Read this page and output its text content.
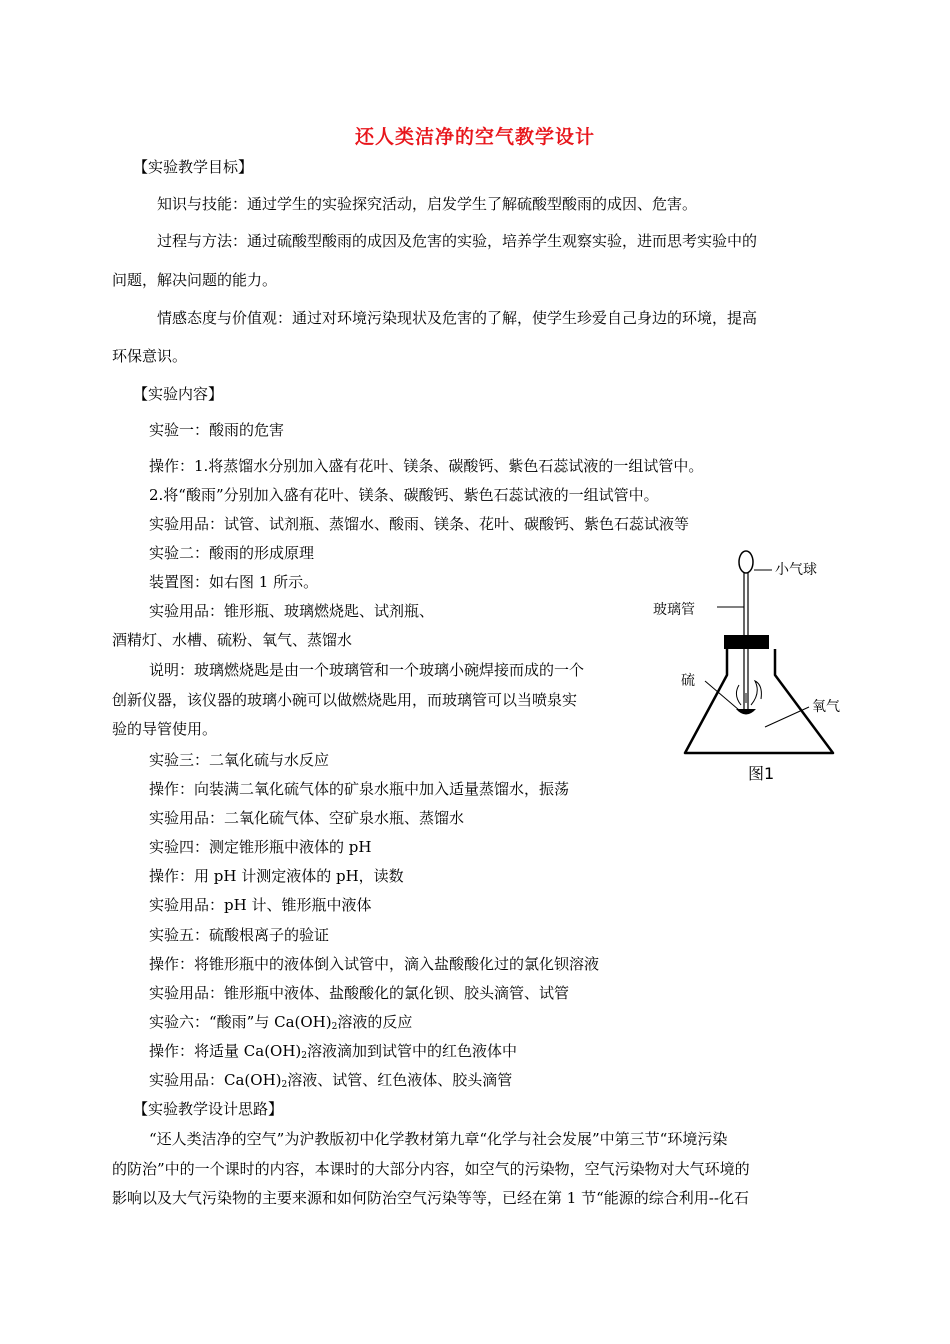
还人类洁净的空气教学设计
【实验教学目标】
知识与技能：通过学生的实验探究活动，启发学生了解硫酸型酸雨的成因、危害。
过程与方法：通过硫酸型酸雨的成因及危害的实验，培养学生观察实验，进而思考实验中的
问题，解决问题的能力。
情感态度与价值观：通过对环境污染现状及危害的了解，使学生珍爱自己身边的环境，提高
环保意识。
【实验内容】
实验一：酸雨的危害
操作：1.将蒸馏水分别加入盛有花叶、镁条、碳酸钙、紫色石蕊试液的一组试管中。
2.将“酸雨”分别加入盛有花叶、镁条、碳酸钙、紫色石蕊试液的一组试管中。
实验用品：试管、试剂瓶、蒸馏水、酸雨、镁条、花叶、碳酸钙、紫色石蕊试液等
实验二：酸雨的形成原理
装置图：如右图 1 所示。
实验用品：锥形瓶、玻璃燃烧匙、试剂瓶、
酒精灯、水槽、硫粉、氧气、蒸馏水
说明：玻璃燃烧匙是由一个玻璃管和一个玻璃小碗焊接而成的一个
创新仪器，该仪器的玻璃小碗可以做燃烧匙用，而玻璃管可以当喷泉实
验的导管使用。
实验三：二氧化硫与水反应
操作：向装满二氧化硫气体的矿泉水瓶中加入适量蒸馏水，振荡
实验用品：二氧化硫气体、空矿泉水瓶、蒸馏水
实验四：测定锥形瓶中液体的 pH
操作：用 pH 计测定液体的 pH，读数
实验用品：pH 计、锥形瓶中液体
实验五：硫酸根离子的验证
操作：将锥形瓶中的液体倒入试管中，滴入盐酸酸化过的氯化钡溶液
实验用品：锥形瓶中液体、盐酸酸化的氯化钡、胶头滴管、试管
实验六：“酸雨”与 $Ca(OH)_2$溶液的反应
操作：将适量 $Ca(OH)_2$溶液滴加到试管中的红色液体中
实验用品：$Ca(OH)_2$溶液、试管、红色液体、胶头滴管
【实验教学设计思路】
“还人类洁净的空气”为沪教版初中化学教材第九章“化学与社会发展”中第三节“环境污染
的防治”中的一个课时的内容，本课时的大部分内容，如空气的污染物，空气污染物对大气环境的
影响以及大气污染物的主要来源和如何防治空气污染等等，已经在第 1 节“能源的综合利用--化石
小气球
玻璃管
硫
氧气
图1
